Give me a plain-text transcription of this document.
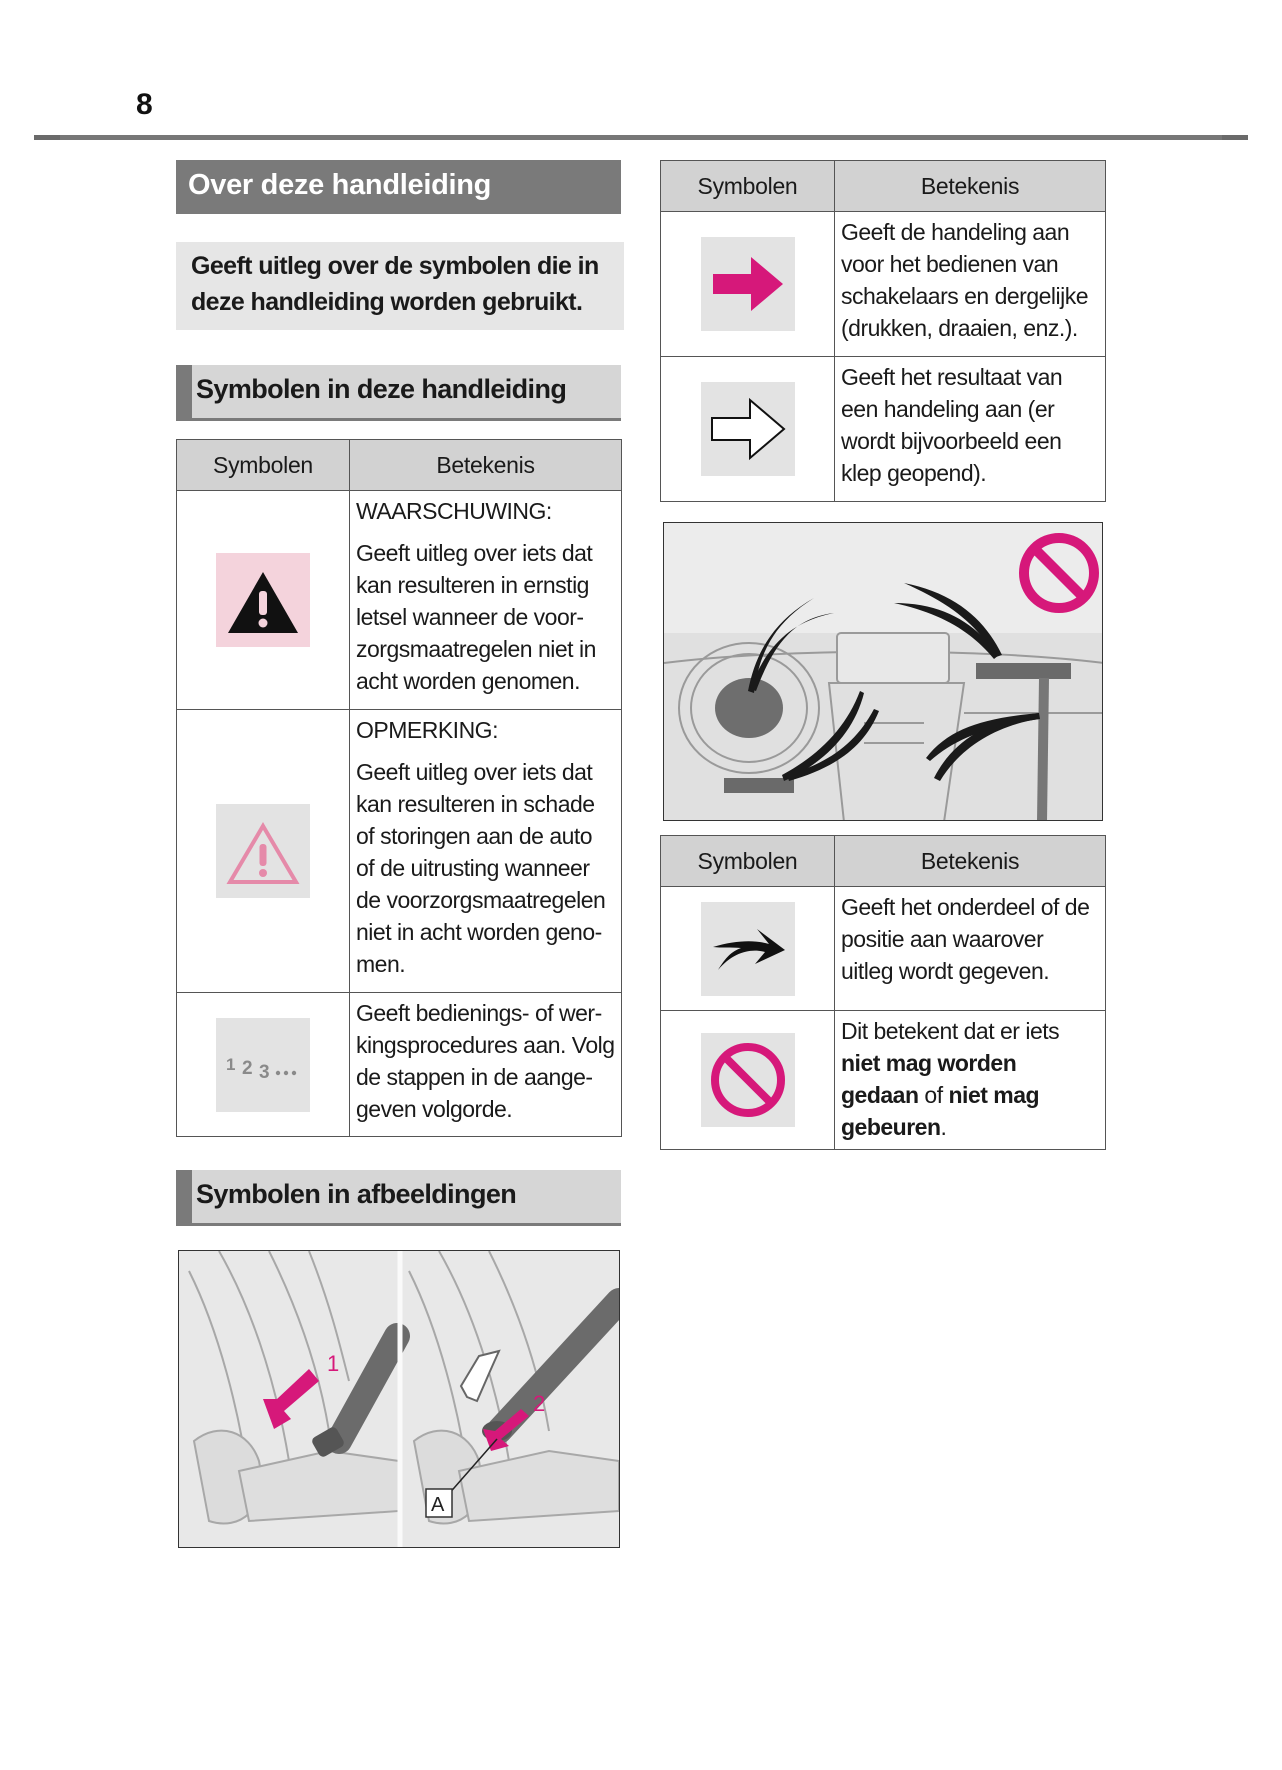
8
Over deze handleiding
Geeft uitleg over de symbolen die in deze handleiding worden gebruikt.
Symbolen in deze handleiding
Symbolen	Betekenis

WAARSCHUWING:
Geeft uitleg over iets dat kan resulteren in ernstig letsel wanneer de voor-zorgsmaatregelen niet in acht worden genomen.

OPMERKING:
Geeft uitleg over iets dat kan resulteren in schade of storingen aan de auto of de uitrusting wanneer de voorzorgsmaatregelen niet in acht worden geno-men.

1 2 3	Geeft bedienings- of wer-kingsprocedures aan. Volg de stappen in de aange-geven volgorde.
Symbolen in afbeeldingen
1
2
A
Symbolen	Betekenis

	Geeft de handeling aan voor het bedienen van schakelaars en dergelijke (drukken, draaien, enz.).

	Geeft het resultaat van een handeling aan (er wordt bijvoorbeeld een klep geopend).
Symbolen	Betekenis

	Geeft het onderdeel of de positie aan waarover uitleg wordt gegeven.

	Dit betekent dat er iets niet mag worden gedaan of niet mag gebeuren.
